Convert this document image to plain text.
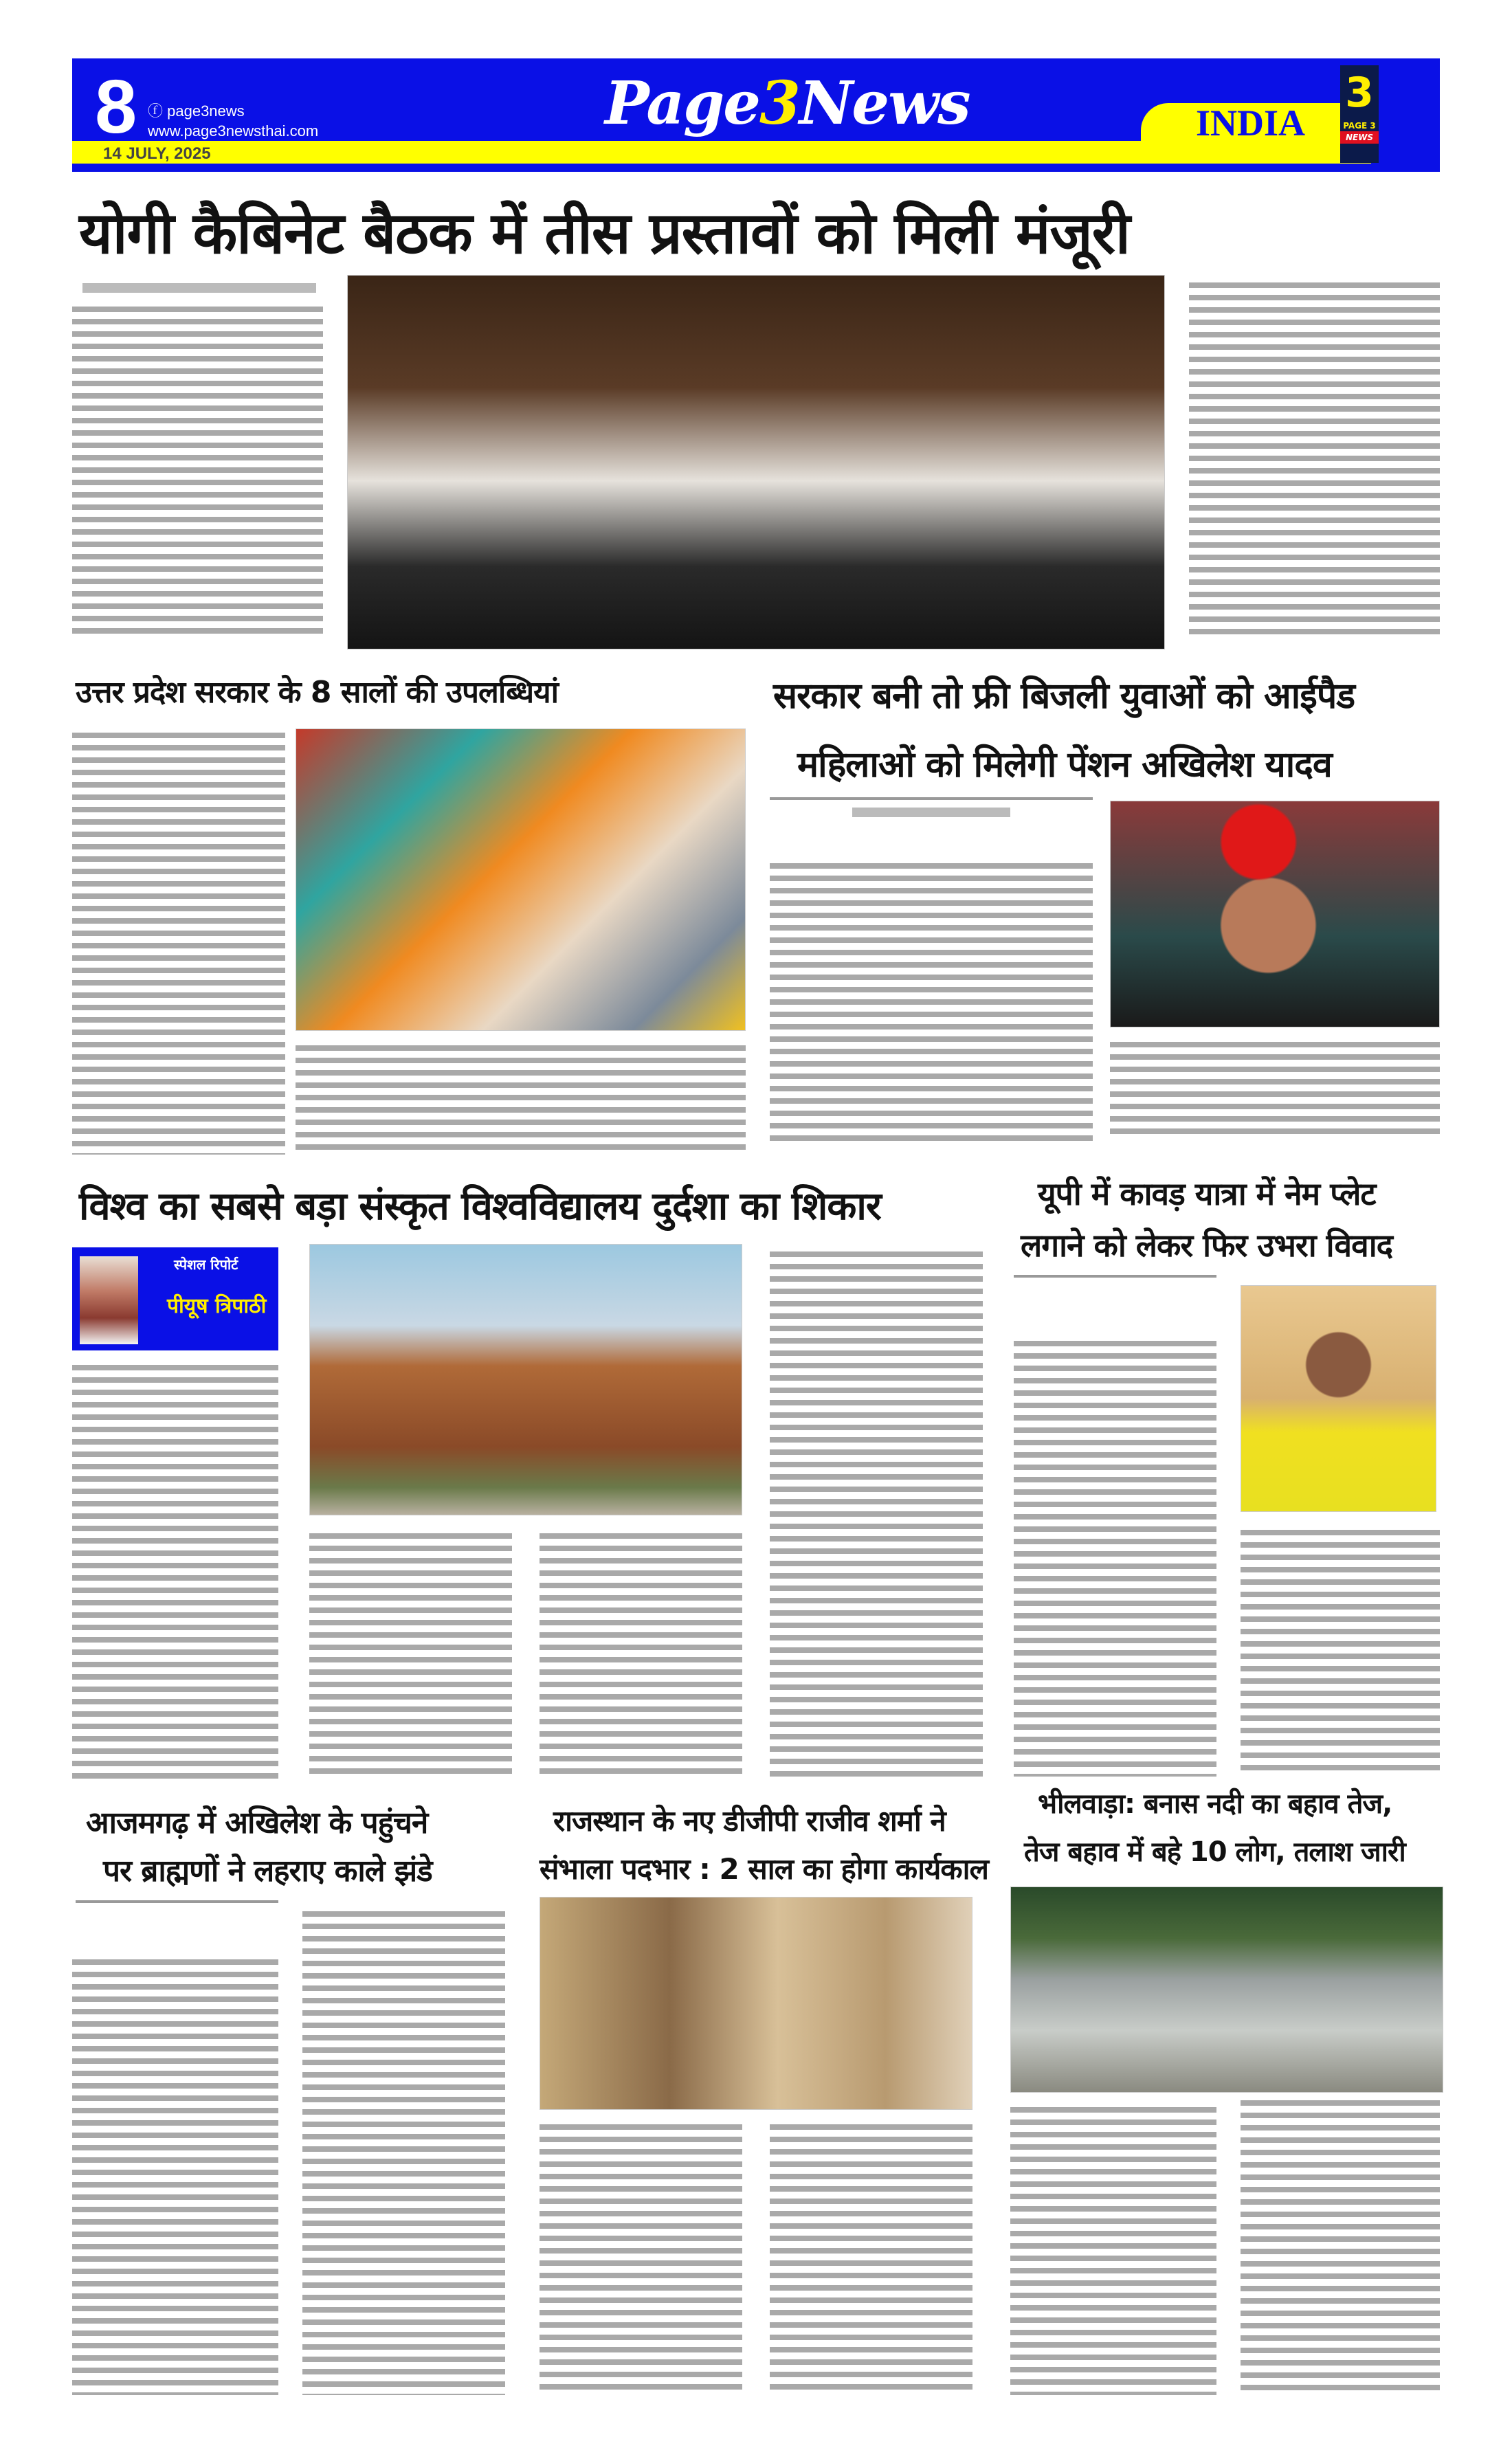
8 ⓕ page3news
www.page3newsthai.com
14 JULY, 2025
Page3News	INDIA
3
PAGE 3
NEWS
योगी कैबिनेट बैठक में तीस प्रस्तावों को मिली मंजूरी
उत्तर प्रदेश सरकार के 8 सालों की उपलब्धियां	सरकार बनी तो फ्री बिजली युवाओं को आईपैड
महिलाओं को मिलेगी पेंशन अखिलेश यादव
विश्व का सबसे बड़ा संस्कृत विश्वविद्यालय दुर्दशा का शिकार
स्पेशल रिपोर्ट
पीयूष त्रिपाठी
यूपी में कावड़ यात्रा में नेम प्लेट
लगाने को लेकर फिर उभरा विवाद
आजमगढ़ में अखिलेश के पहुंचने
पर ब्राह्मणों ने लहराए काले झंडे
राजस्थान के नए डीजीपी राजीव शर्मा ने
संभाला पदभार : 2 साल का होगा कार्यकाल
भीलवाड़ा: बनास नदी का बहाव तेज,
तेज बहाव में बहे 10 लोग, तलाश जारी
